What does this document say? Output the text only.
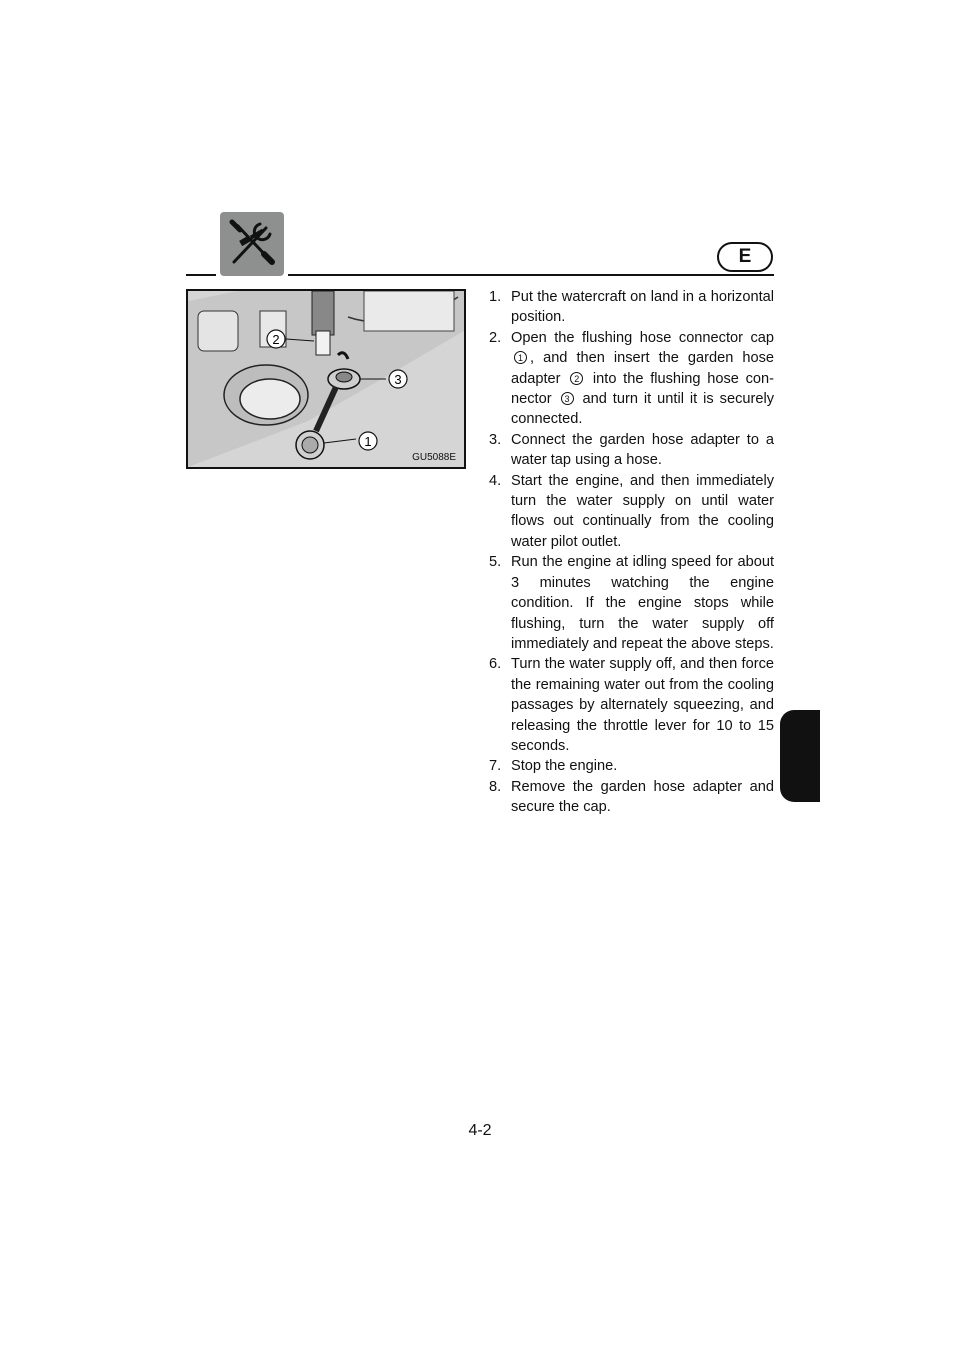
E
1
2
3
GU5088E
1. Put the watercraft on land in a horizontal position.
2. Open the flushing hose connector cap 1 , and then insert the garden hose adapter 2 into the flushing hose connector 3 and turn it until it is securely connected.
3. Connect the garden hose adapter to a water tap using a hose.
4. Start the engine, and then immediately turn the water supply on until water flows out continually from the cooling water pilot outlet.
5. Run the engine at idling speed for about 3 minutes watching the engine condition. If the engine stops while flushing, turn the water supply off immediately and repeat the above steps.
6. Turn the water supply off, and then force the remaining water out from the cooling passages by alternately squeezing, and releasing the throttle lever for 10 to 15 seconds.
7. Stop the engine.
8. Remove the garden hose adapter and secure the cap.
4-2
